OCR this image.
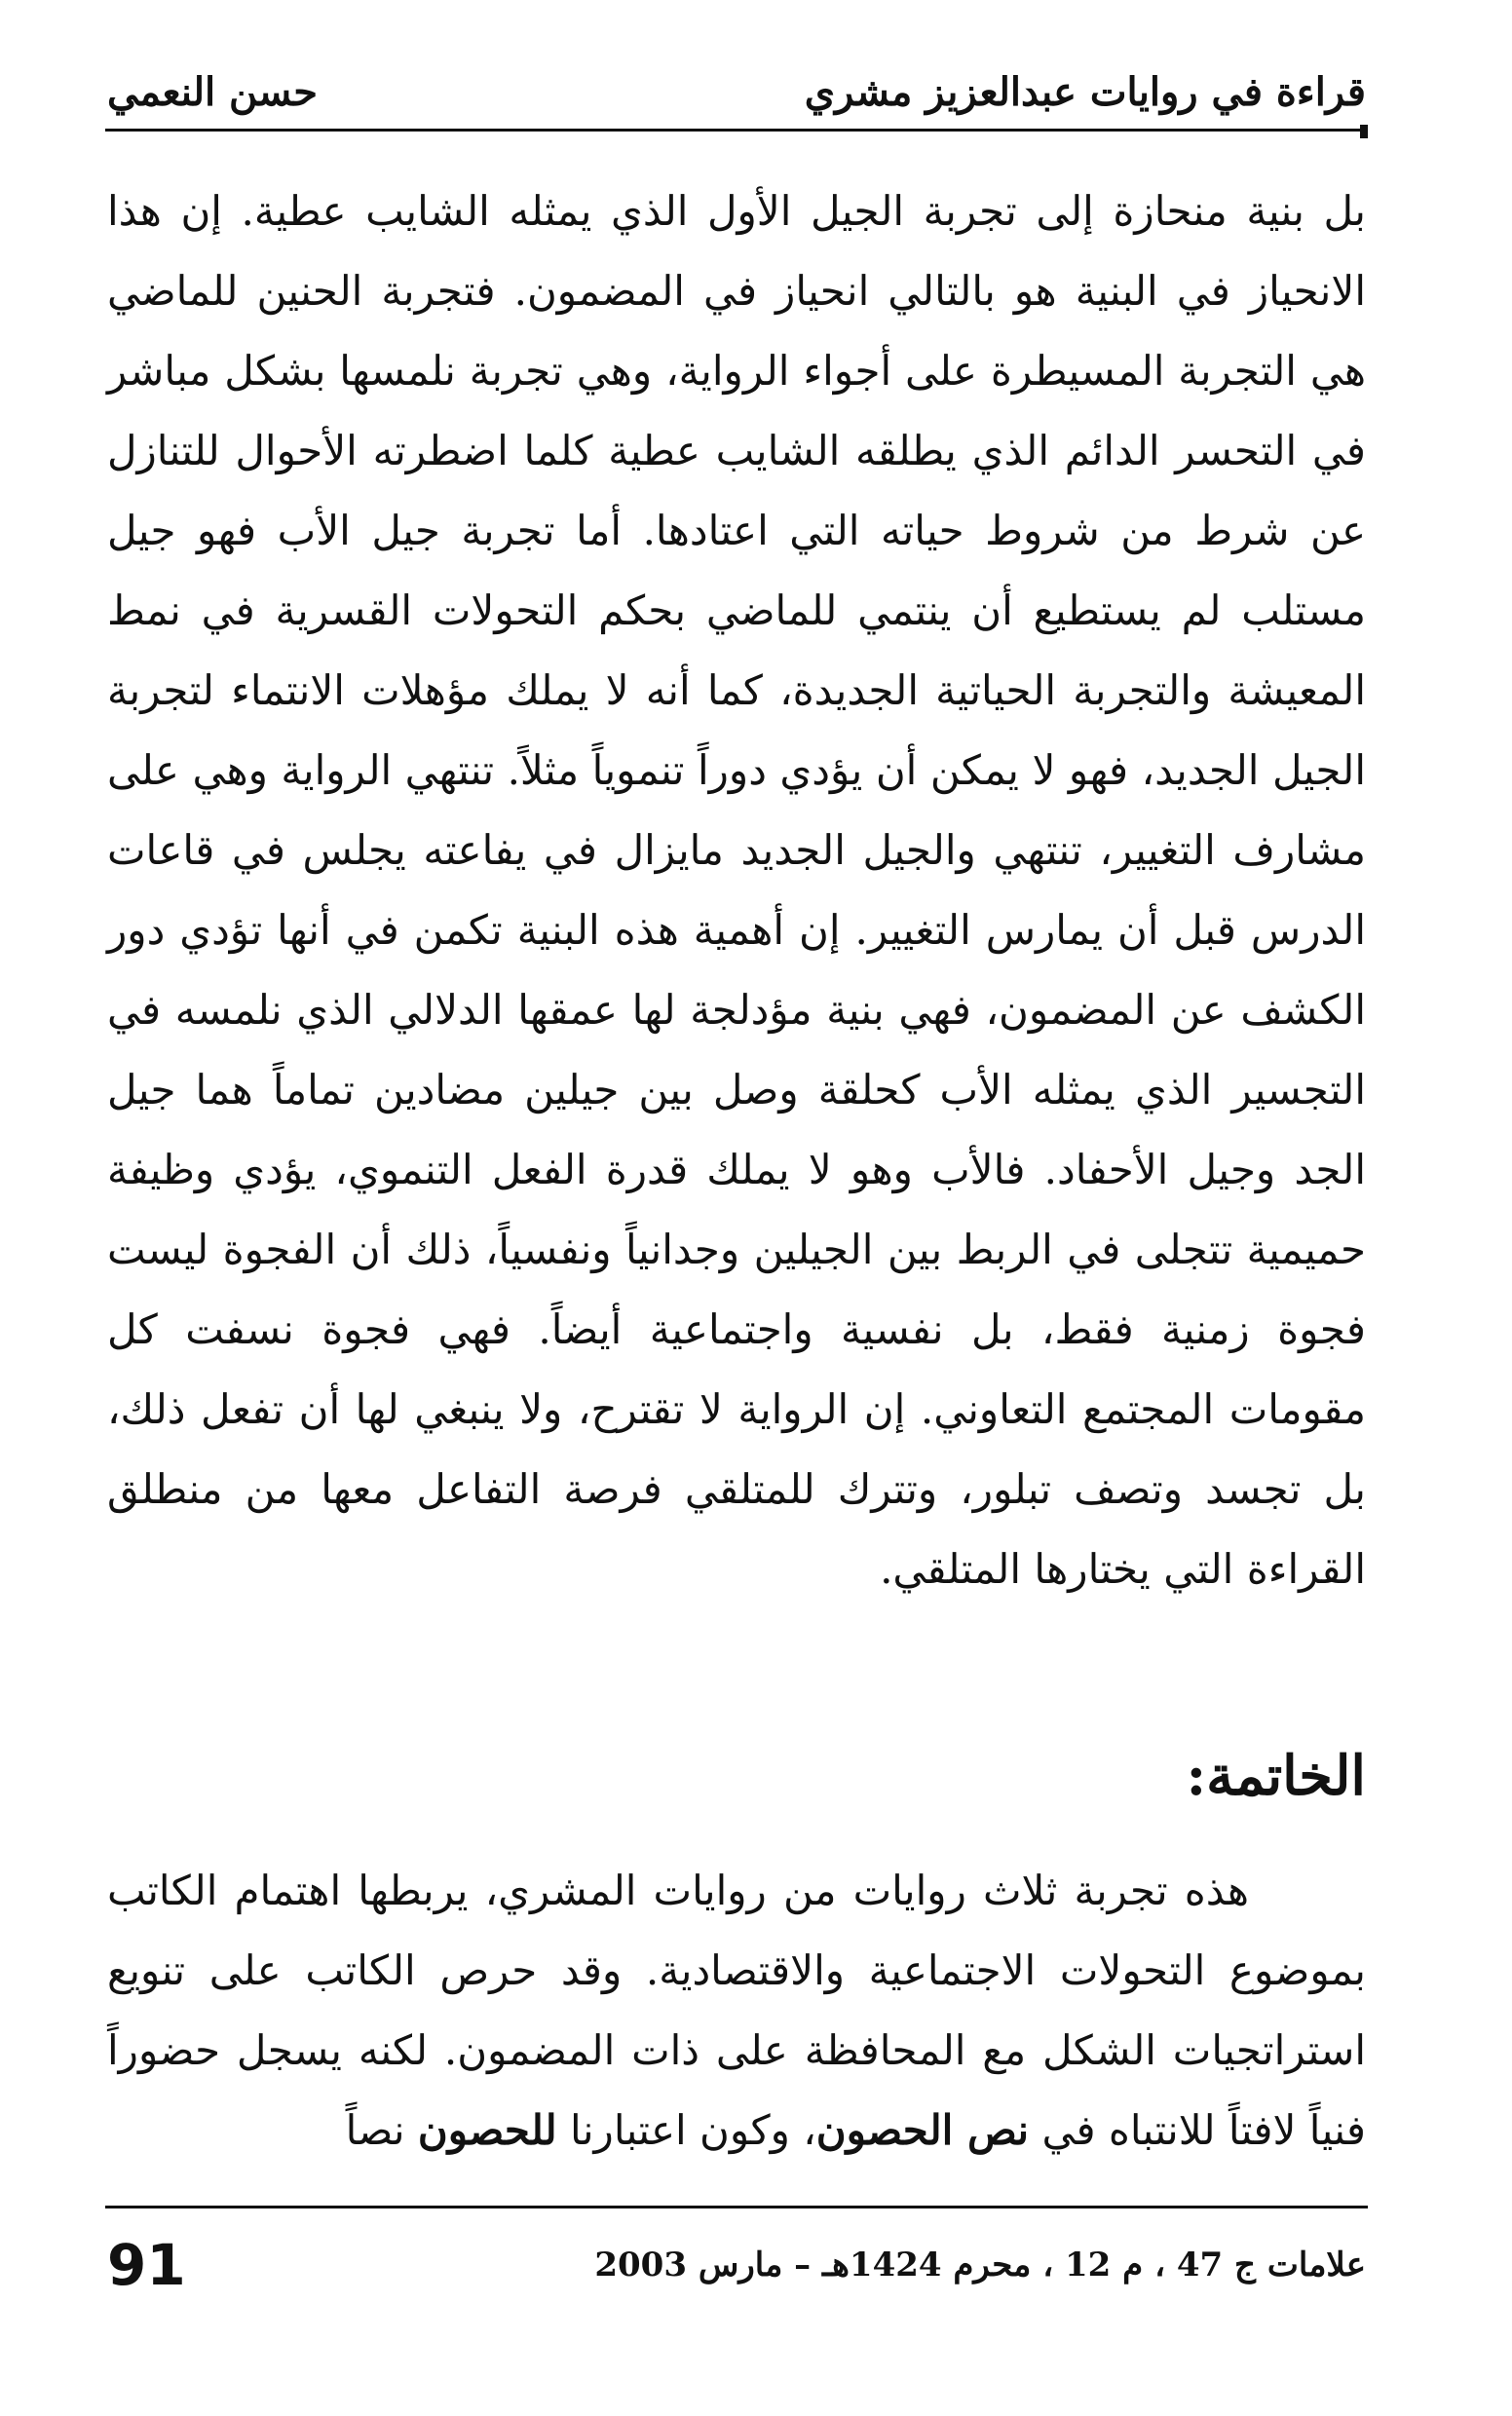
قراءة في روايات عبدالعزيز مشري
حسن النعمي

بل بنية منحازة إلى تجربة الجيل الأول الذي يمثله الشايب عطية. إن هذا الانحياز في البنية هو بالتالي انحياز في المضمون. فتجربة الحنين للماضي هي التجربة المسيطرة على أجواء الرواية، وهي تجربة نلمسها بشكل مباشر في التحسر الدائم الذي يطلقه الشايب عطية كلما اضطرته الأحوال للتنازل عن شرط من شروط حياته التي اعتادها. أما تجربة جيل الأب فهو جيل مستلب لم يستطيع أن ينتمي للماضي بحكم التحولات القسرية في نمط المعيشة والتجربة الحياتية الجديدة، كما أنه لا يملك مؤهلات الانتماء لتجربة الجيل الجديد، فهو لا يمكن أن يؤدي دوراً تنموياً مثلاً. تنتهي الرواية وهي على مشارف التغيير، تنتهي والجيل الجديد مايزال في يفاعته يجلس في قاعات الدرس قبل أن يمارس التغيير. إن أهمية هذه البنية تكمن في أنها تؤدي دور الكشف عن المضمون، فهي بنية مؤدلجة لها عمقها الدلالي الذي نلمسه في التجسير الذي يمثله الأب كحلقة وصل بين جيلين مضادين تماماً هما جيل الجد وجيل الأحفاد. فالأب وهو لا يملك قدرة الفعل التنموي، يؤدي وظيفة حميمية تتجلى في الربط بين الجيلين وجدانياً ونفسياً، ذلك أن الفجوة ليست فجوة زمنية فقط، بل نفسية واجتماعية أيضاً. فهي فجوة نسفت كل مقومات المجتمع التعاوني. إن الرواية لا تقترح، ولا ينبغي لها أن تفعل ذلك، بل تجسد وتصف تبلور، وتترك للمتلقي فرصة التفاعل معها من منطلق القراءة التي يختارها المتلقي.

الخاتمة:

هذه تجربة ثلاث روايات من روايات المشري، يربطها اهتمام الكاتب بموضوع التحولات الاجتماعية والاقتصادية. وقد حرص الكاتب على تنويع استراتجيات الشكل مع المحافظة على ذات المضمون. لكنه يسجل حضوراً فنياً لافتاً للانتباه في نص الحصون، وكون اعتبارنا للحصون نصاً

علامات ج 47 ، م 12 ، محرم 1424هـ – مارس 2003
91
